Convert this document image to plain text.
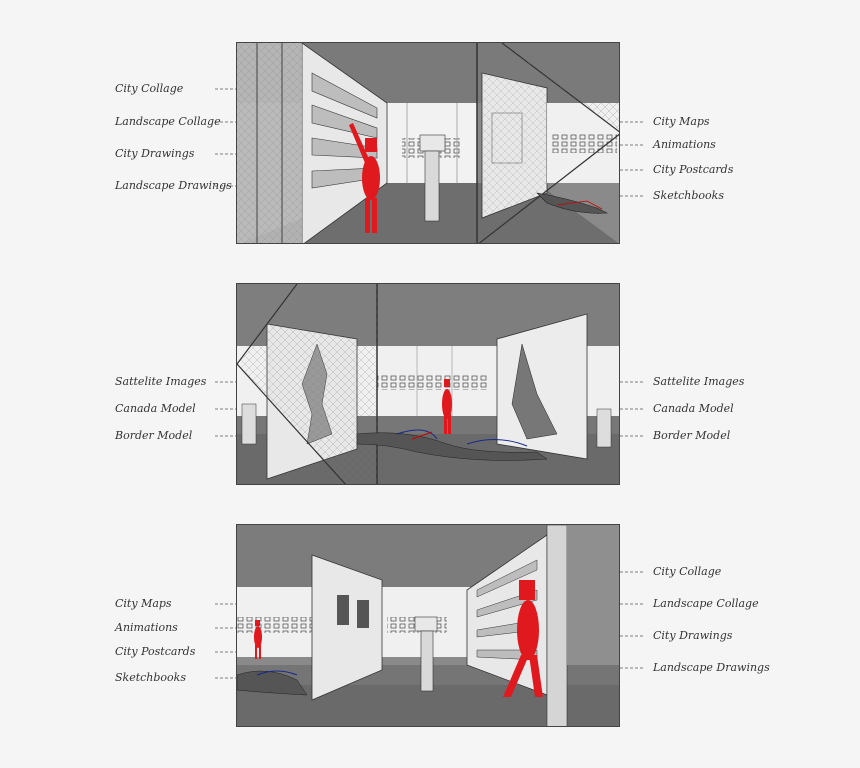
City Collage
Landscape Collage
City Drawings
Landscape Drawings
City Maps
Animations
City Postcards
Sketchbooks
Sattelite Images
Canada Model
Border Model
Sattelite Images
Canada Model
Border Model
City Maps
Animations
City Postcards
Sketchbooks
City Collage
Landscape Collage
City Drawings
Landscape Drawings
